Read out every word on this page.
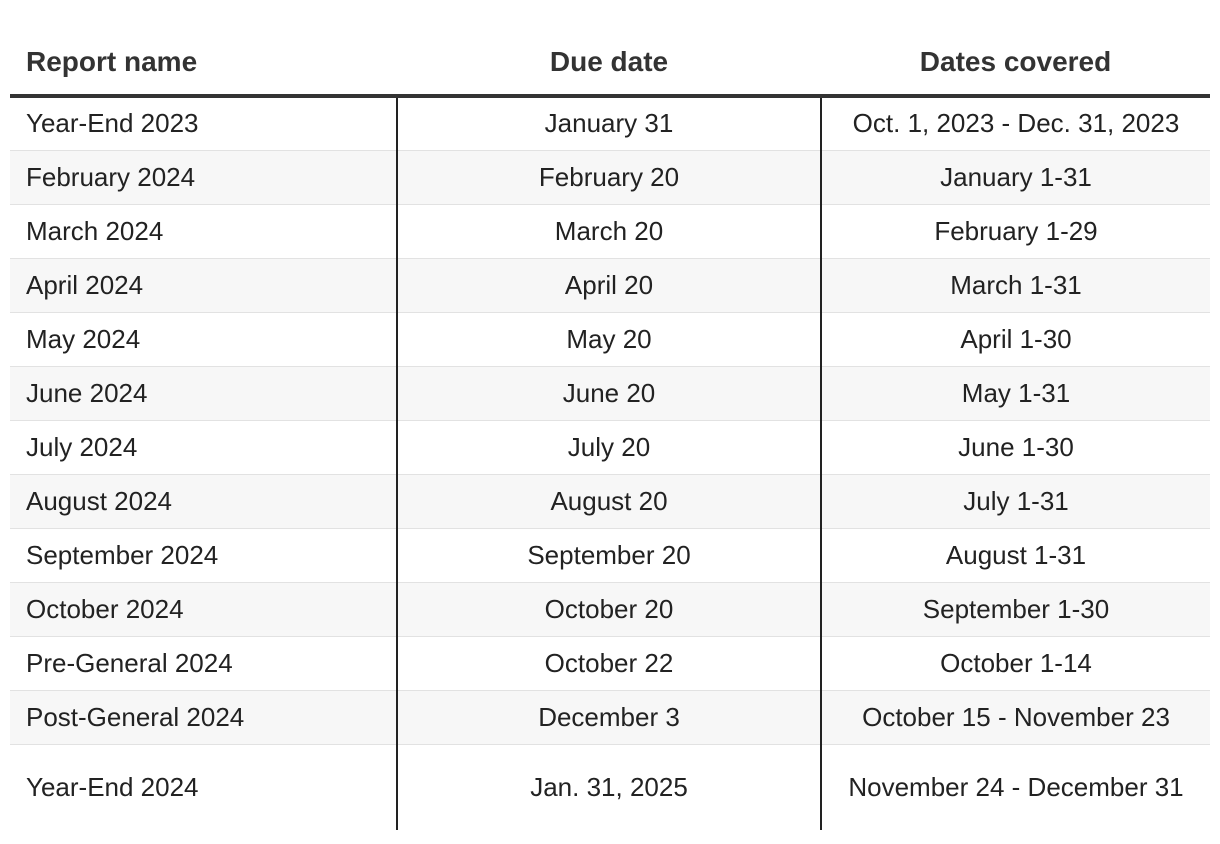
Report name	Due date	Dates covered
Year-End 2023	January 31	Oct. 1, 2023 - Dec. 31, 2023
February 2024	February 20	January 1-31
March 2024	March 20	February 1-29
April 2024	April 20	March 1-31
May 2024	May 20	April 1-30
June 2024	June 20	May 1-31
July 2024	July 20	June 1-30
August 2024	August 20	July 1-31
September 2024	September 20	August 1-31
October 2024	October 20	September 1-30
Pre-General 2024	October 22	October 1-14
Post-General 2024	December 3	October 15 - November 23
Year-End 2024	Jan. 31, 2025	November 24 - December 31
